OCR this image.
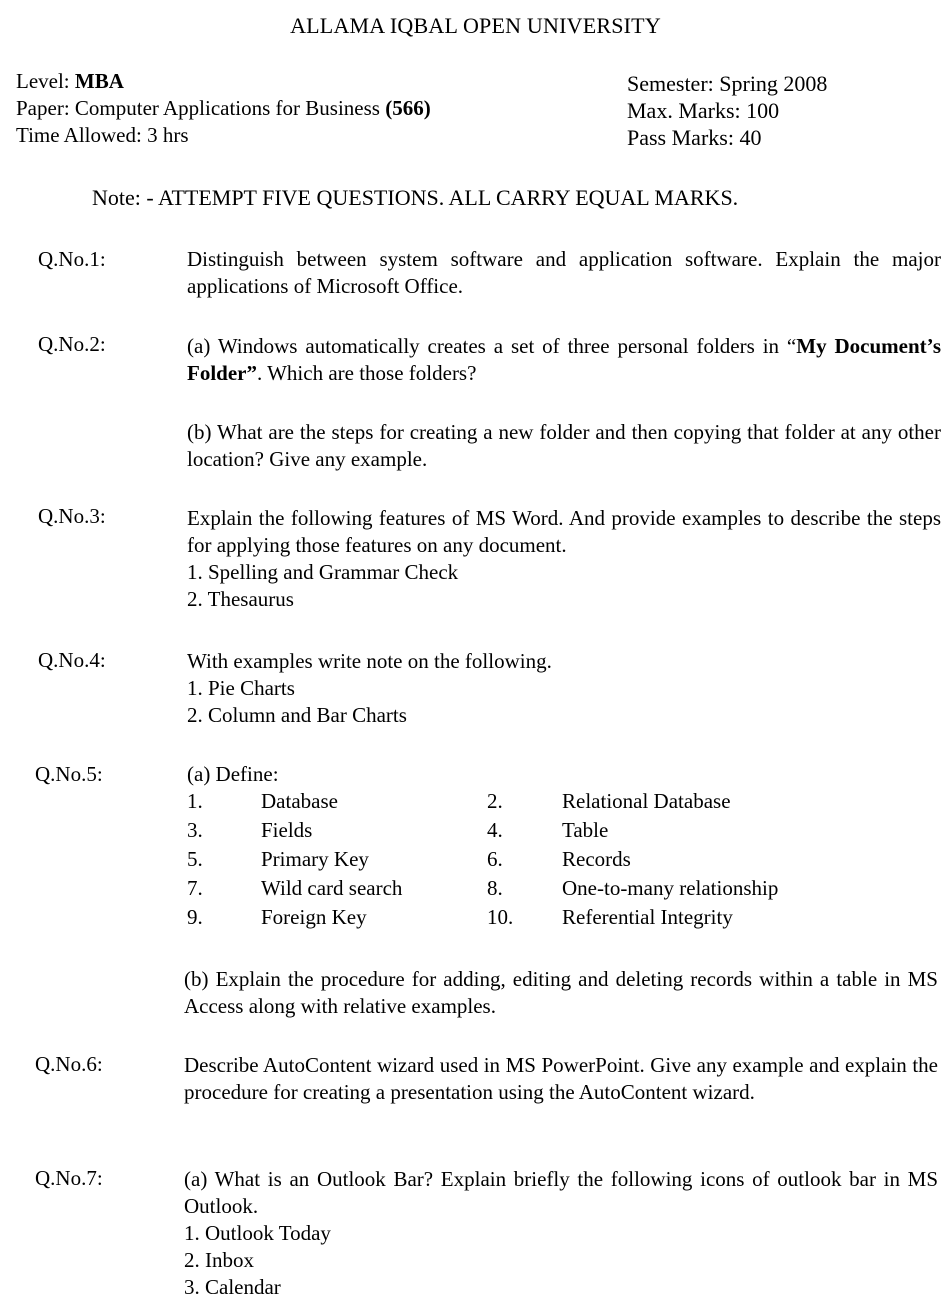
ALLAMA IQBAL OPEN UNIVERSITY
Level: MBA
Paper: Computer Applications for Business (566)
Time Allowed: 3 hrs
Semester: Spring 2008
Max. Marks: 100
Pass Marks: 40
Note: - ATTEMPT FIVE QUESTIONS. ALL CARRY EQUAL MARKS.
Q.No.1:	Distinguish between system software and application software. Explain the major applications of Microsoft Office.
Q.No.2:	(a) Windows automatically creates a set of three personal folders in “My Document’s Folder”. Which are those folders?
(b) What are the steps for creating a new folder and then copying that folder at any other location? Give any example.
Q.No.3:	Explain the following features of MS Word. And provide examples to describe the steps for applying those features on any document.
1. Spelling and Grammar Check
2. Thesaurus
Q.No.4:	With examples write note on the following.
1. Pie Charts
2. Column and Bar Charts
Q.No.5:	(a) Define:
1.	Database	2.	Relational Database
3.	Fields	4.	Table
5.	Primary Key	6.	Records
7.	Wild card search	8.	One-to-many relationship
9.	Foreign Key	10. Referential Integrity
(b) Explain the procedure for adding, editing and deleting records within a table in MS Access along with relative examples.
Q.No.6:	Describe AutoContent wizard used in MS PowerPoint. Give any example and explain the procedure for creating a presentation using the AutoContent wizard.
Q.No.7:	(a) What is an Outlook Bar? Explain briefly the following icons of outlook bar in MS Outlook.
1. Outlook Today
2. Inbox
3. Calendar
